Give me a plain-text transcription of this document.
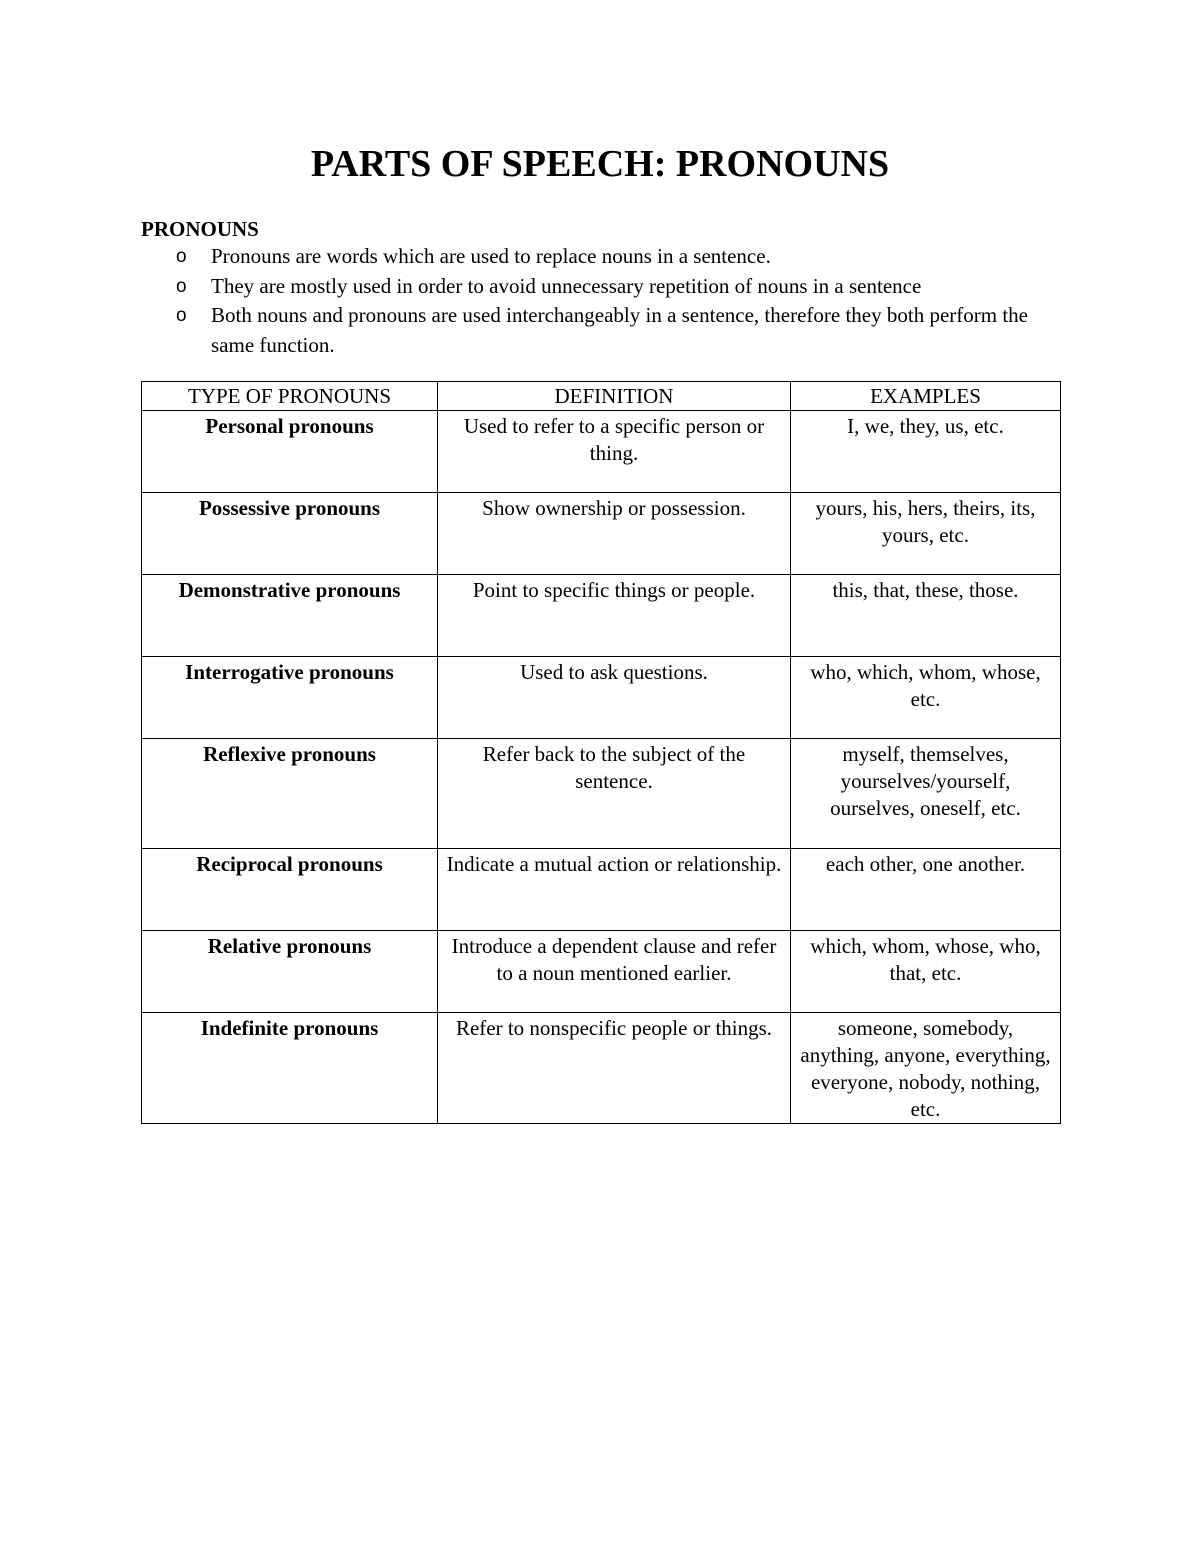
PARTS OF SPEECH: PRONOUNS
PRONOUNS
o Pronouns are words which are used to replace nouns in a sentence.
o They are mostly used in order to avoid unnecessary repetition of nouns in a sentence
o Both nouns and pronouns are used interchangeably in a sentence, therefore they both perform the same function.
TYPE OF PRONOUNS	DEFINITION	EXAMPLES
Personal pronouns	Used to refer to a specific person or thing.	I, we, they, us, etc.
Possessive pronouns	Show ownership or possession.	yours, his, hers, theirs, its, yours, etc.
Demonstrative pronouns	Point to specific things or people.	this, that, these, those.
Interrogative pronouns	Used to ask questions.	who, which, whom, whose, etc.
Reflexive pronouns	Refer back to the subject of the sentence.	myself, themselves, yourselves/yourself, ourselves, oneself, etc.
Reciprocal pronouns	Indicate a mutual action or relationship.	each other, one another.
Relative pronouns	Introduce a dependent clause and refer to a noun mentioned earlier.	which, whom, whose, who, that, etc.
Indefinite pronouns	Refer to nonspecific people or things.	someone, somebody, anything, anyone, everything, everyone, nobody, nothing, etc.
